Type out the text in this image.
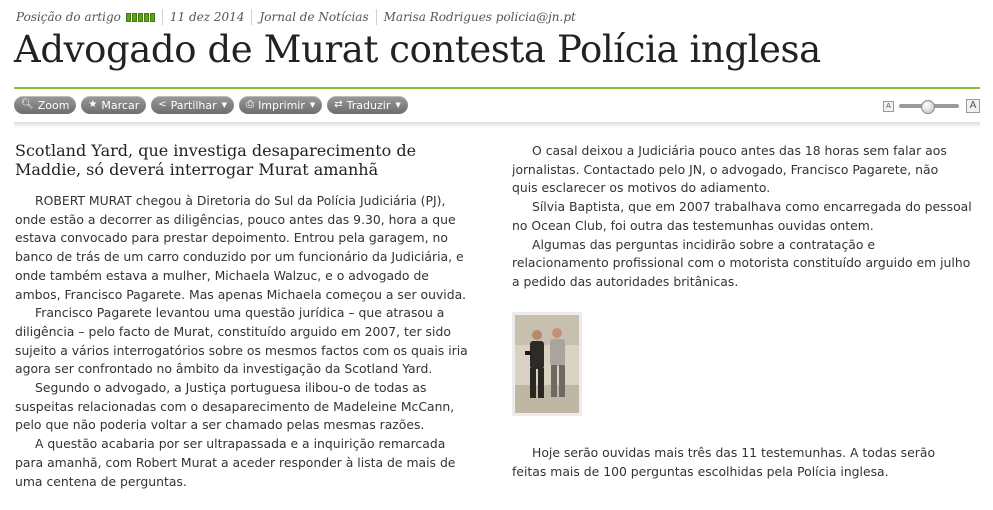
Posição do artigo	11 dez 2014 Jornal de Notícias Marisa Rodrigues policia@jn.pt
Advogado de Murat contesta Polícia inglesa
🔍︎ Zoom ★ Marcar < Partilhar ▼ ⎙ Imprimir ▼ ⇄ Traduzir ▼	A	A
Scotland Yard, que investiga desaparecimento de Maddie, só deverá interrogar Murat amanhã

ROBERT MURAT chegou à Diretoria do Sul da Polícia Judiciária (PJ),
onde estão a decorrer as diligências, pouco antes das 9.30, hora a que
estava convocado para prestar depoimento. Entrou pela garagem, no
banco de trás de um carro conduzido por um funcionário da Judiciária, e
onde também estava a mulher, Michaela Walzuc, e o advogado de
ambos, Francisco Pagarete. Mas apenas Michaela começou a ser ouvida.

Francisco Pagarete levantou uma questão jurídica – que atrasou a
diligência – pelo facto de Murat, constituído arguido em 2007, ter sido
sujeito a vários interrogatórios sobre os mesmos factos com os quais iria
agora ser confrontado no âmbito da investigação da Scotland Yard.

Segundo o advogado, a Justiça portuguesa ilibou-o de todas as
suspeitas relacionadas com o desaparecimento de Madeleine McCann,
pelo que não poderia voltar a ser chamado pelas mesmas razões.

A questão acabaria por ser ultrapassada e a inquirição remarcada
para amanhã, com Robert Murat a aceder responder à lista de mais de
uma centena de perguntas.

O casal deixou a Judiciária pouco antes das 18 horas sem falar aos
jornalistas. Contactado pelo JN, o advogado, Francisco Pagarete, não
quis esclarecer os motivos do adiamento.

Sílvia Baptista, que em 2007 trabalhava como encarregada do pessoal
no Ocean Club, foi outra das testemunhas ouvidas ontem.

Algumas das perguntas incidirão sobre a contratação e
relacionamento profissional com o motorista constituído arguido em julho
a pedido das autoridades britânicas.

Hoje serão ouvidas mais três das 11 testemunhas. A todas serão
feitas mais de 100 perguntas escolhidas pela Polícia inglesa.
